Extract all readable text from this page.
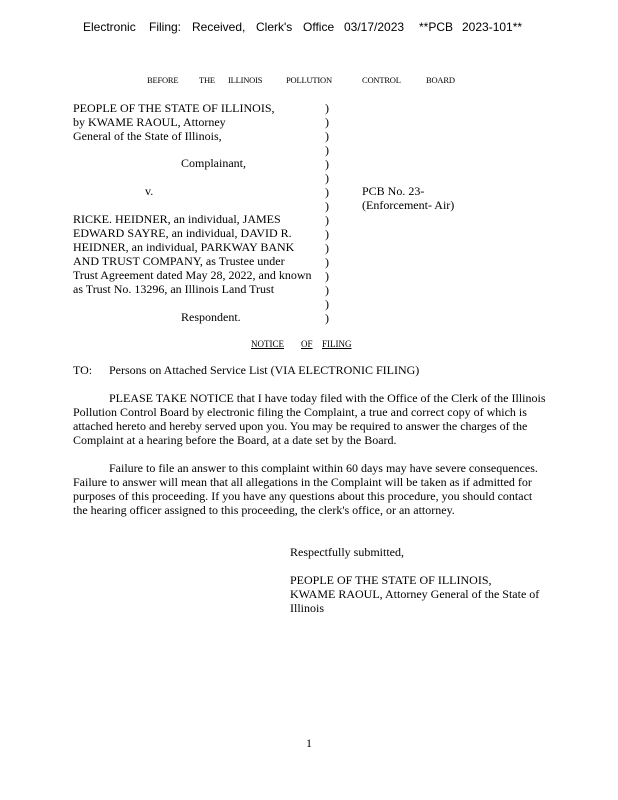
Electronic Filing: Received, Clerk's Office 03/17/2023 **PCB 2023-101**
BEFORE THE ILLINOIS	POLLUTION	CONTROL	BOARD
PEOPLE OF THE STATE OF ILLINOIS,
by KWAME RAOUL, Attorney
General of the State of Illinois,
Complainant,
v.
RICKE. HEIDNER, an individual, JAMES
EDWARD SAYRE, an individual, DAVID R.
HEIDNER, an individual, PARKWAY BANK
AND TRUST COMPANY, as Trustee under
Trust Agreement dated May 28, 2022, and known
as Trust No. 13296, an Illinois Land Trust
Respondent.
)
)
)
)
)
)
)
)
)
)
)
)
)
)
)
)
PCB No. 23-
(Enforcement- Air)
NOTICE OF FILING
TO: Persons on Attached Service List (VIA ELECTRONIC FILING)
PLEASE TAKE NOTICE that I have today filed with the Office of the Clerk of the Illinois
Pollution Control Board by electronic filing the Complaint, a true and correct copy of which is
attached hereto and hereby served upon you. You may be required to answer the charges of the
Complaint at a hearing before the Board, at a date set by the Board.
Failure to file an answer to this complaint within 60 days may have severe consequences.
Failure to answer will mean that all allegations in the Complaint will be taken as if admitted for
purposes of this proceeding. If you have any questions about this procedure, you should contact
the hearing officer assigned to this proceeding, the clerk's office, or an attorney.
Respectfully submitted,
PEOPLE OF THE STATE OF ILLINOIS,
KWAME RAOUL, Attorney General of the State of
Illinois
1
